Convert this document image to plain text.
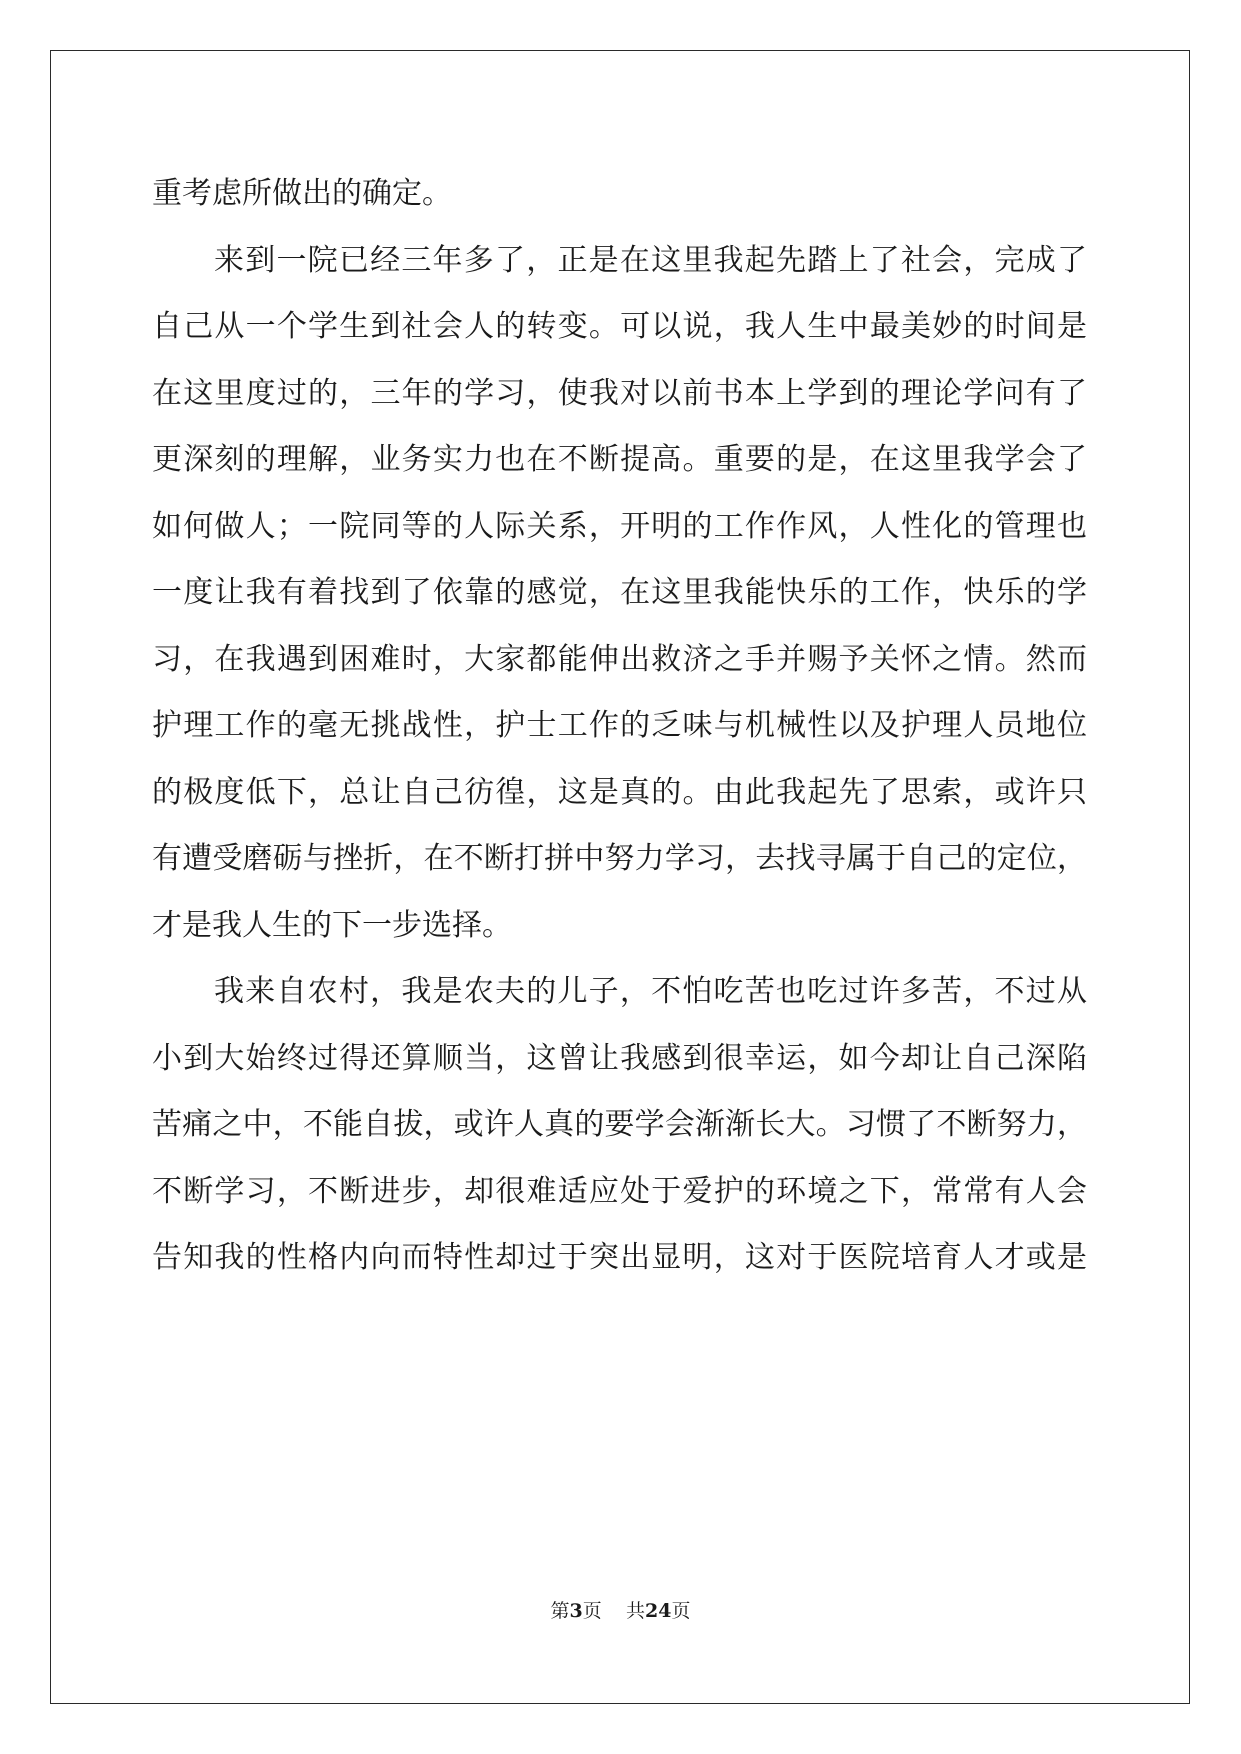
重考虑所做出的确定。
来到一院已经三年多了，正是在这里我起先踏上了社会，完成了
自己从一个学生到社会人的转变。可以说，我人生中最美妙的时间是
在这里度过的，三年的学习，使我对以前书本上学到的理论学问有了
更深刻的理解，业务实力也在不断提高。重要的是，在这里我学会了
如何做人；一院同等的人际关系，开明的工作作风，人性化的管理也
一度让我有着找到了依靠的感觉，在这里我能快乐的工作，快乐的学
习，在我遇到困难时，大家都能伸出救济之手并赐予关怀之情。然而
护理工作的毫无挑战性，护士工作的乏味与机械性以及护理人员地位
的极度低下，总让自己彷徨，这是真的。由此我起先了思索，或许只
有遭受磨砺与挫折，在不断打拼中努力学习，去找寻属于自己的定位，
才是我人生的下一步选择。
我来自农村，我是农夫的儿子，不怕吃苦也吃过许多苦，不过从
小到大始终过得还算顺当，这曾让我感到很幸运，如今却让自己深陷
苦痛之中，不能自拔，或许人真的要学会渐渐长大。习惯了不断努力，
不断学习，不断进步，却很难适应处于爱护的环境之下，常常有人会
告知我的性格内向而特性却过于突出显明，这对于医院培育人才或是
第3页 共24页
